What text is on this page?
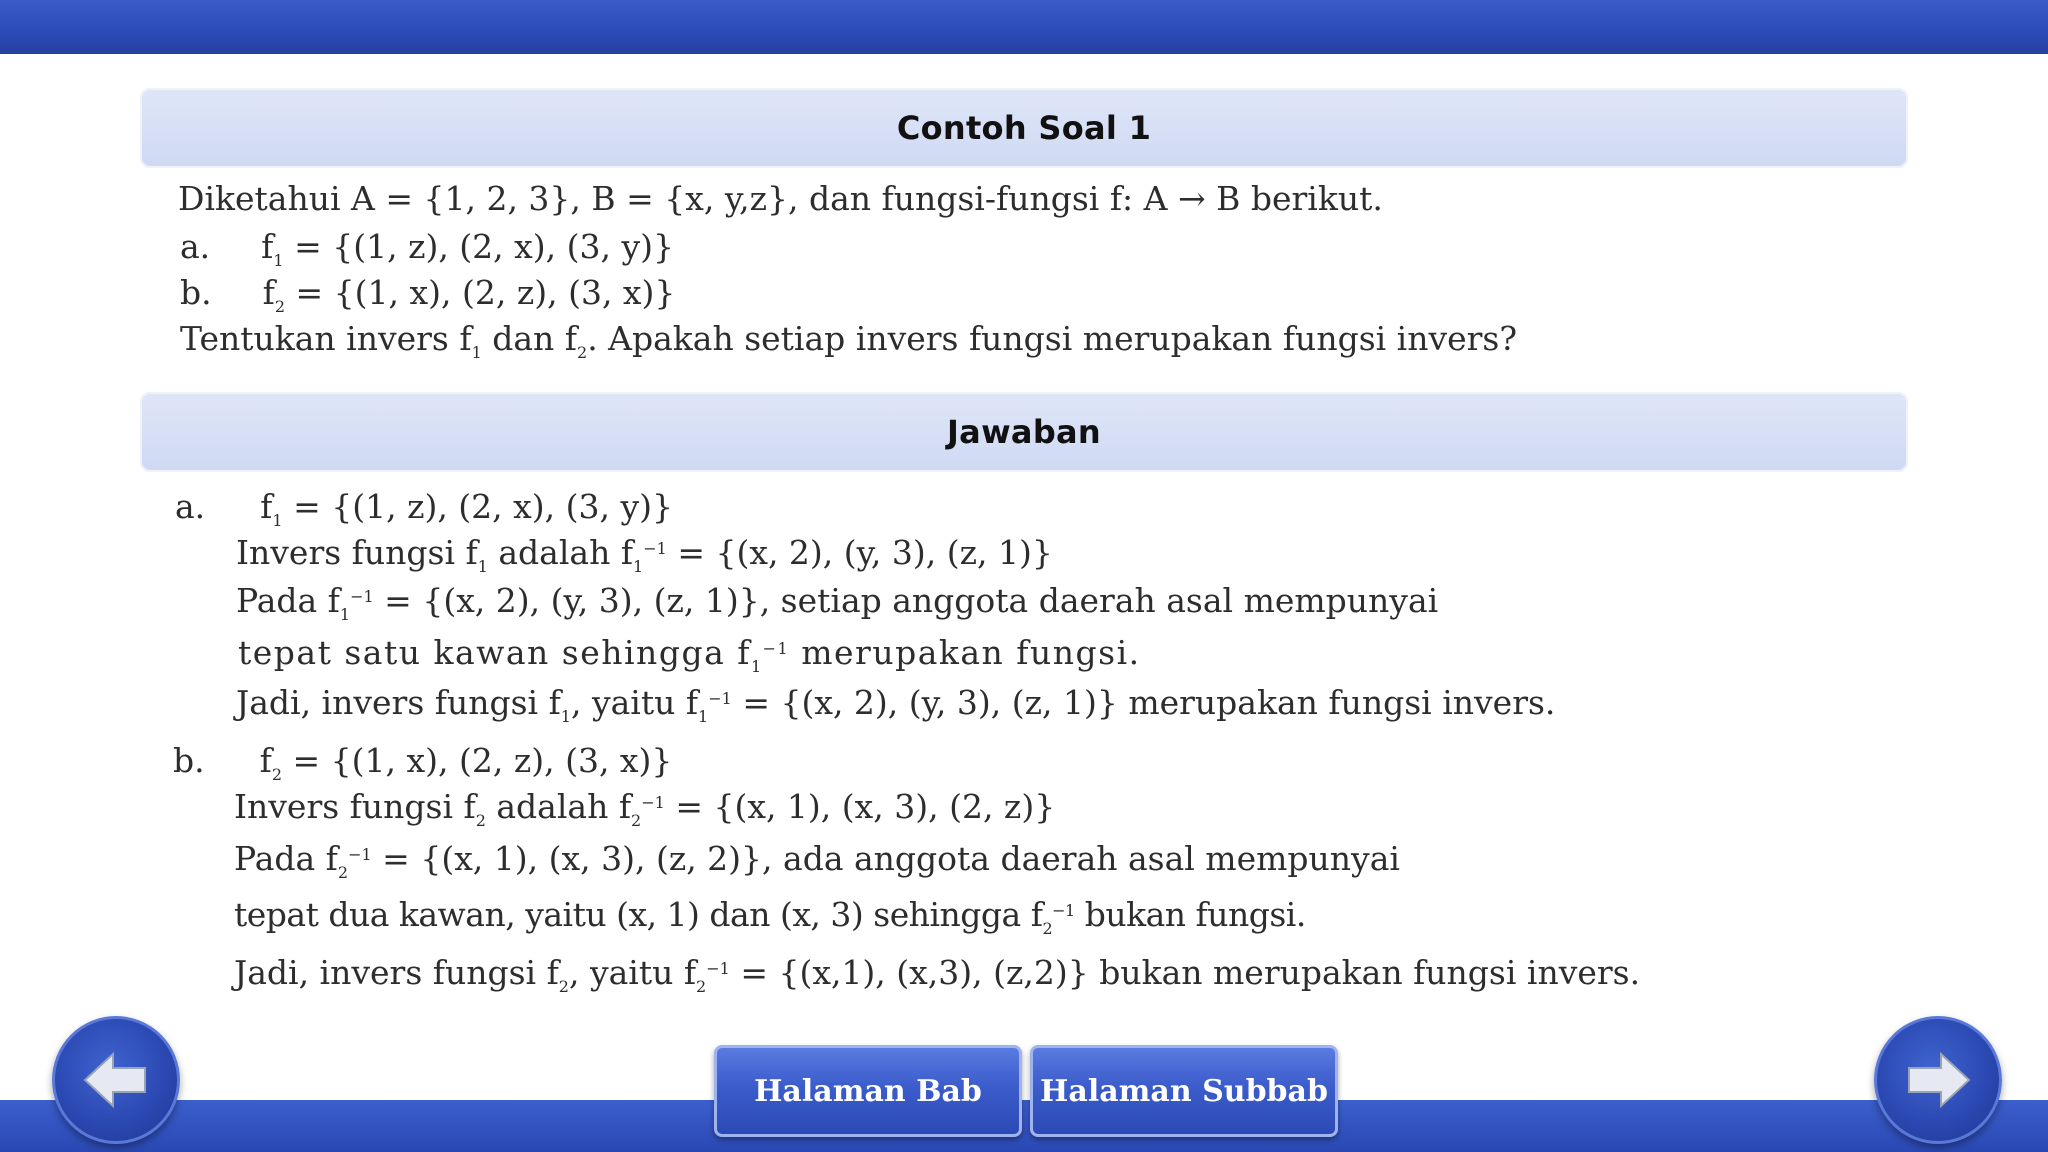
Contoh Soal 1
Diketahui A = {1, 2, 3}, B = {x, y,z}, dan fungsi-fungsi f: A → B berikut.
a. $f_1 = \{(1$, z), (2, x), (3, y)}
b. $f_2 = \{(1$, x), (2, z), (3, x)}
Tentukan invers $f_1$ dan $f_2$. Apakah setiap invers fungsi merupakan fungsi invers?
Jawaban
a. $f_1 = \{(1$, z), (2, x), (3, y)}
Invers fungsi $f_1$ adalah $f_1^{-1} = \{(x$, 2), (y, 3), (z, 1)}
Pada $f_1^{-1} = \{(x$, 2), (y, 3), (z, 1)}, setiap anggota daerah asal mempunyai
tepat satu kawan sehingga $f_1^{-1}$ merupakan fungsi.
Jadi, invers fungsi $f_1$, yaitu $f_1^{-1} = \{(x$, 2), (y, 3), (z, 1)} merupakan fungsi invers.
b. $f_2 = \{(1$, x), (2, z), (3, x)}
Invers fungsi $f_2$ adalah $f_2^{-1} = \{(x$, 1), (x, 3), (2, z)}
Pada $f_2^{-1} = \{(x$, 1), (x, 3), (z, 2)}, ada anggota daerah asal mempunyai
tepat dua kawan, yaitu (x, 1) dan (x, 3) sehingga $f_2^{-1}$ bukan fungsi.
Jadi, invers fungsi $f_2$, yaitu $f_2^{-1} = \{(x,1)$, (x,3), (z,2)} bukan merupakan fungsi invers.
Halaman Bab Halaman Subbab
